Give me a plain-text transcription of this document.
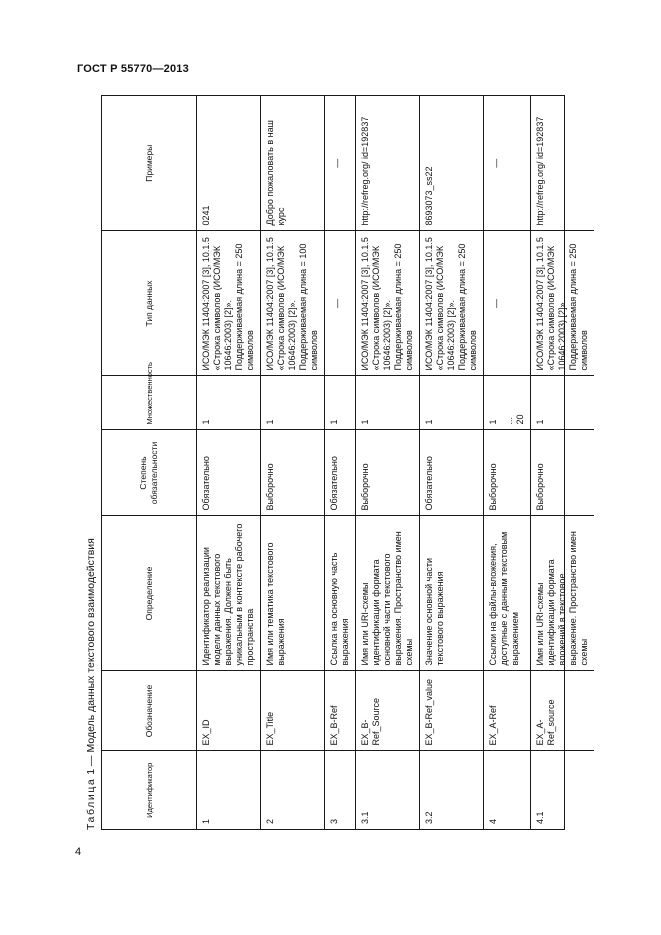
ГОСТ Р 55770—2013
Таблица 1 — Модель данных текстового взаимодействия
Идентификатор	Обозначение	Определение	Степень обязательности	Множественность	Тип данных	Примеры
1	EX_ID	Идентификатор реализации модели данных текстового выражения. Должен быть уникальным в контексте рабочего пространства	Обязательно	1	ИСО/МЭК 11404:2007 [3], 10.1.5 «Строка символов (ИСО/МЭК 10646:2003) [2]». Поддерживаемая длина = 250 символов	0241
2	EX_Title	Имя или тематика текстового выражения	Выборочно	1	ИСО/МЭК 11404:2007 [3], 10.1.5 «Строка символов (ИСО/МЭК 10646:2003) [2]». Поддерживаемая длина = 100 символов	Добро пожаловать в наш курс
3	EX_B-Ref	Ссылка на основную часть выражения	Обязательно	1	—	—

3.1	EX_B-Ref_Source	Имя или URI-схемы идентификации формата основной части текстового выражения. Пространство имен схемы	Выборочно	1	ИСО/МЭК 11404:2007 [3], 10.1.5 «Строка символов (ИСО/МЭК 10646:2003) [2]». Поддерживаемая длина = 250 символов	http://refreg.org/ id=192837
3.2	EX_B-Ref_value	Значение основной части текстового выражения	Обязательно	1	ИСО/МЭК 11404:2007 [3], 10.1.5 «Строка символов (ИСО/МЭК 10646:2003) [2]». Поддерживаемая длина = 250 символов	8693073_ss22
4	EX_A-Ref	Ссылки на файлы-вложения, доступные с данным текстовым выражением	Выборочно	1 ... 20	—	—

4.1	EX_A-Ref_source	Имя или URI-схемы идентификации формата вложений в текстовое выражение. Пространство имен схемы	Выборочно	1	ИСО/МЭК 11404:2007 [3], 10.1.5 «Строка символов (ИСО/МЭК 10646:2003) [2]». Поддерживаемая длина = 250 символов	http://refreg.org/ id=192837
4
